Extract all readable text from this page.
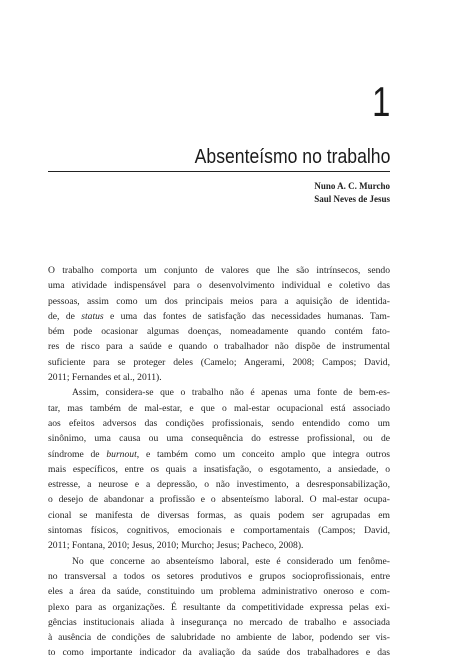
1
Absenteísmo no trabalho
Nuno A. C. Murcho
Saul Neves de Jesus
O trabalho comporta um conjunto de valores que lhe são intrínsecos, sendo
uma atividade indispensável para o desenvolvimento individual e coletivo das
pessoas, assim como um dos principais meios para a aquisição de identida-
de, de status e uma das fontes de satisfação das necessidades humanas. Tam-
bém pode ocasionar algumas doenças, nomeadamente quando contém fato-
res de risco para a saúde e quando o trabalhador não dispõe de instrumental
suficiente para se proteger deles (Camelo; Angerami, 2008; Campos; David,
2011; Fernandes et al., 2011).
Assim, considera-se que o trabalho não é apenas uma fonte de bem-es-
tar, mas também de mal-estar, e que o mal-estar ocupacional está associado
aos efeitos adversos das condições profissionais, sendo entendido como um
sinônimo, uma causa ou uma consequência do estresse profissional, ou de
síndrome de burnout, e também como um conceito amplo que integra outros
mais específicos, entre os quais a insatisfação, o esgotamento, a ansiedade, o
estresse, a neurose e a depressão, o não investimento, a desresponsabilização,
o desejo de abandonar a profissão e o absenteísmo laboral. O mal-estar ocupa-
cional se manifesta de diversas formas, as quais podem ser agrupadas em
sintomas físicos, cognitivos, emocionais e comportamentais (Campos; David,
2011; Fontana, 2010; Jesus, 2010; Murcho; Jesus; Pacheco, 2008).
No que concerne ao absenteísmo laboral, este é considerado um fenôme-
no transversal a todos os setores produtivos e grupos socioprofissionais, entre
eles a área da saúde, constituindo um problema administrativo oneroso e com-
plexo para as organizações. É resultante da competitividade expressa pelas exi-
gências institucionais aliada à insegurança no mercado de trabalho e associada
à ausência de condições de salubridade no ambiente de labor, podendo ser vis-
to como importante indicador da avaliação da saúde dos trabalhadores e das
